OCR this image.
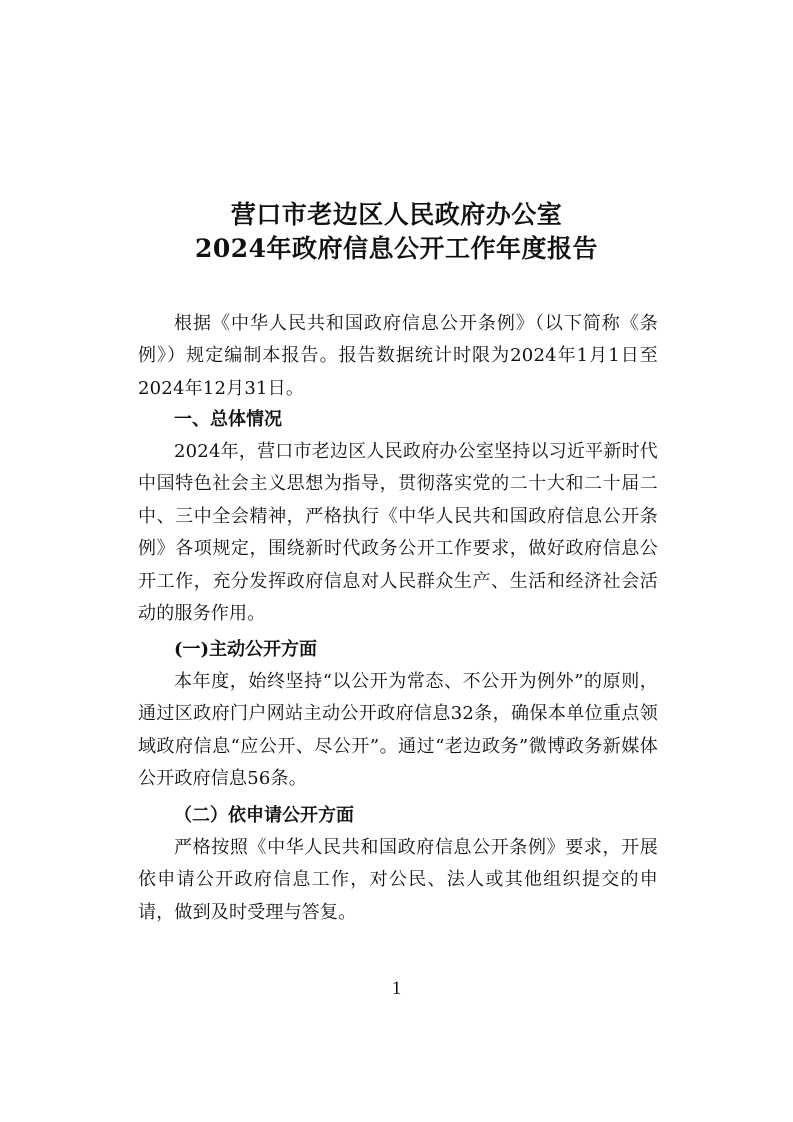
营口市老边区人民政府办公室
2024年政府信息公开工作年度报告

根据《中华人民共和国政府信息公开条例》（以下简称《条例》）规定编制本报告。报告数据统计时限为2024年1月1日至2024年12月31日。

一、总体情况

2024年，营口市老边区人民政府办公室坚持以习近平新时代中国特色社会主义思想为指导，贯彻落实党的二十大和二十届二中、三中全会精神，严格执行《中华人民共和国政府信息公开条例》各项规定，围绕新时代政务公开工作要求，做好政府信息公开工作，充分发挥政府信息对人民群众生产、生活和经济社会活动的服务作用。

(一)主动公开方面

本年度，始终坚持“以公开为常态、不公开为例外”的原则，通过区政府门户网站主动公开政府信息32条，确保本单位重点领域政府信息“应公开、尽公开”。通过“老边政务”微博政务新媒体公开政府信息56条。

（二）依申请公开方面

严格按照《中华人民共和国政府信息公开条例》要求，开展依申请公开政府信息工作，对公民、法人或其他组织提交的申请，做到及时受理与答复。

1
